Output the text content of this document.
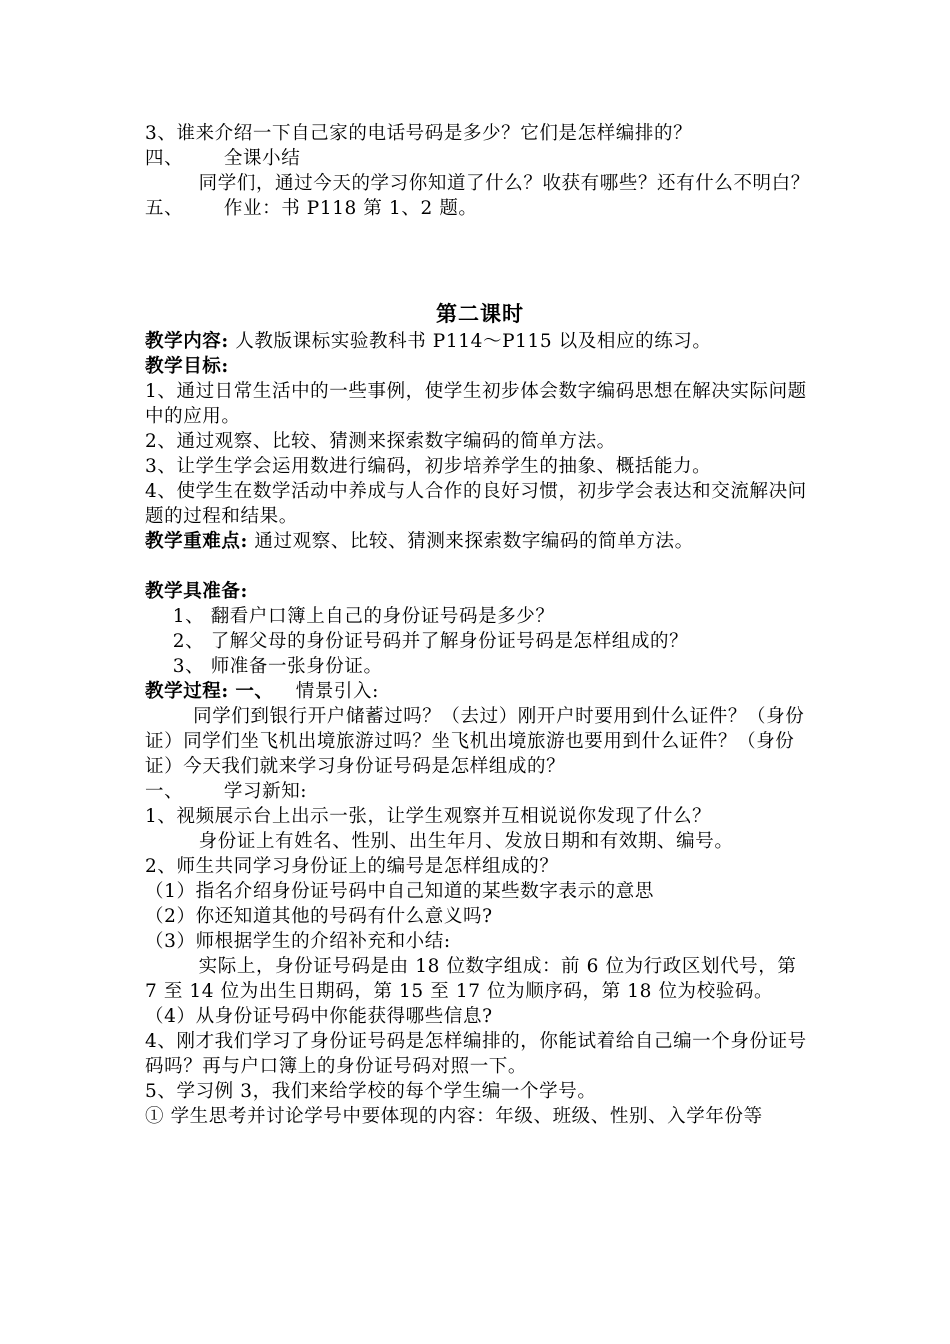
3、谁来介绍一下自己家的电话号码是多少？它们是怎样编排的？

四、 全课小结

同学们，通过今天的学习你知道了什么？收获有哪些？还有什么不明白？

五、 作业：书 P118 第 1、2 题。

第二课时

教学内容: 人教版课标实验教科书 P114～P115 以及相应的练习。

教学目标:

1、通过日常生活中的一些事例，使学生初步体会数字编码思想在解决实际问题中的应用。

2、通过观察、比较、猜测来探索数字编码的简单方法。

3、让学生学会运用数进行编码，初步培养学生的抽象、概括能力。

4、使学生在数学活动中养成与人合作的良好习惯，初步学会表达和交流解决问题的过程和结果。

教学重难点: 通过观察、比较、猜测来探索数字编码的简单方法。

教学具准备:

1、 翻看户口簿上自己的身份证号码是多少？

2、 了解父母的身份证号码并了解身份证号码是怎样组成的？

3、 师准备一张身份证。

教学过程: 一、 情景引入:

同学们到银行开户储蓄过吗？（去过）刚开户时要用到什么证件？（身份证）同学们坐飞机出境旅游过吗？坐飞机出境旅游也要用到什么证件？（身份证）今天我们就来学习身份证号码是怎样组成的？

一、 学习新知:

1、视频展示台上出示一张，让学生观察并互相说说你发现了什么？

身份证上有姓名、性别、出生年月、发放日期和有效期、编号。

2、师生共同学习身份证上的编号是怎样组成的？

（1）指名介绍身份证号码中自己知道的某些数字表示的意思

（2）你还知道其他的号码有什么意义吗?

（3）师根据学生的介绍补充和小结:

实际上，身份证号码是由 18 位数字组成：前 6 位为行政区划代号，第 7 至 14 位为出生日期码，第 15 至 17 位为顺序码，第 18 位为校验码。

（4）从身份证号码中你能获得哪些信息?

4、刚才我们学习了身份证号码是怎样编排的，你能试着给自己编一个身份证号码吗？再与户口簿上的身份证号码对照一下。

5、学习例 3，我们来给学校的每个学生编一个学号。

① 学生思考并讨论学号中要体现的内容：年级、班级、性别、入学年份等
